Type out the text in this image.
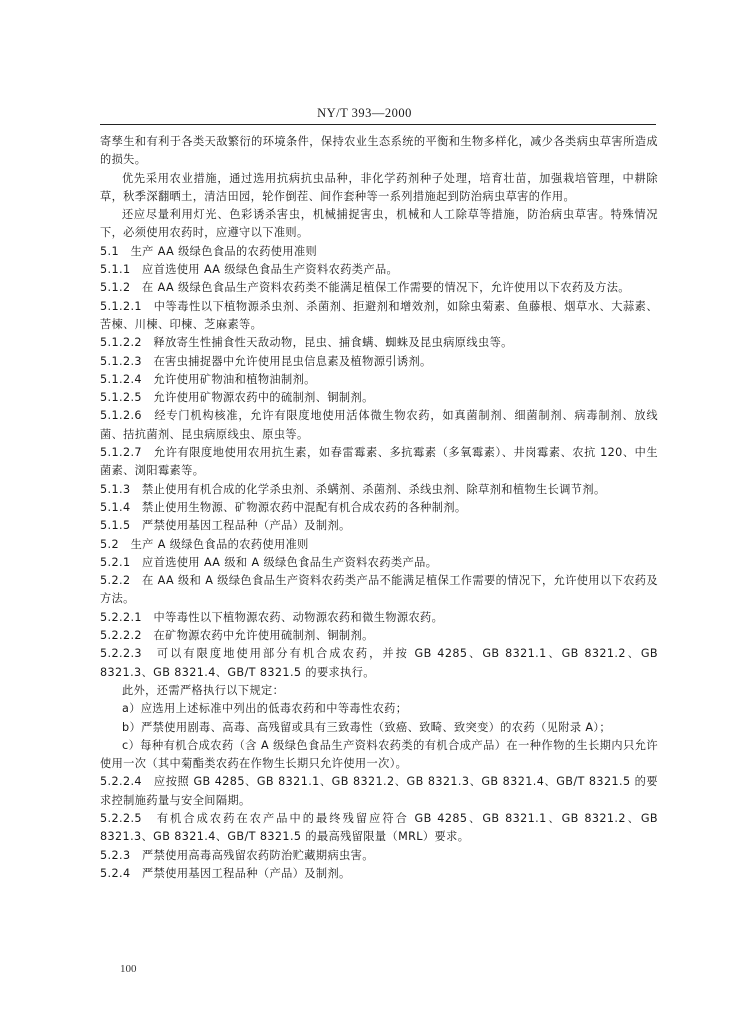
NY/T 393—2000

寄孳生和有利于各类天敌繁衍的环境条件，保持农业生态系统的平衡和生物多样化，减少各类病虫草害所造成的损失。

优先采用农业措施，通过选用抗病抗虫品种，非化学药剂种子处理，培育壮苗，加强栽培管理，中耕除草，秋季深翻晒土，清洁田园，轮作倒茬、间作套种等一系列措施起到防治病虫草害的作用。

还应尽量利用灯光、色彩诱杀害虫，机械捕捉害虫，机械和人工除草等措施，防治病虫草害。特殊情况下，必须使用农药时，应遵守以下准则。

5.1　生产 AA 级绿色食品的农药使用准则

5.1.1　应首选使用 AA 级绿色食品生产资料农药类产品。

5.1.2　在 AA 级绿色食品生产资料农药类不能满足植保工作需要的情况下，允许使用以下农药及方法。

5.1.2.1　中等毒性以下植物源杀虫剂、杀菌剂、拒避剂和增效剂，如除虫菊素、鱼藤根、烟草水、大蒜素、苦楝、川楝、印楝、芝麻素等。

5.1.2.2　释放寄生性捕食性天敌动物，昆虫、捕食螨、蜘蛛及昆虫病原线虫等。

5.1.2.3　在害虫捕捉器中允许使用昆虫信息素及植物源引诱剂。

5.1.2.4　允许使用矿物油和植物油制剂。

5.1.2.5　允许使用矿物源农药中的硫制剂、铜制剂。

5.1.2.6　经专门机构核准，允许有限度地使用活体微生物农药，如真菌制剂、细菌制剂、病毒制剂、放线菌、拮抗菌剂、昆虫病原线虫、原虫等。

5.1.2.7　允许有限度地使用农用抗生素，如春雷霉素、多抗霉素（多氧霉素）、井岗霉素、农抗 120、中生菌素、浏阳霉素等。

5.1.3　禁止使用有机合成的化学杀虫剂、杀螨剂、杀菌剂、杀线虫剂、除草剂和植物生长调节剂。

5.1.4　禁止使用生物源、矿物源农药中混配有机合成农药的各种制剂。

5.1.5　严禁使用基因工程品种（产品）及制剂。

5.2　生产 A 级绿色食品的农药使用准则

5.2.1　应首选使用 AA 级和 A 级绿色食品生产资料农药类产品。

5.2.2　在 AA 级和 A 级绿色食品生产资料农药类产品不能满足植保工作需要的情况下，允许使用以下农药及方法。

5.2.2.1　中等毒性以下植物源农药、动物源农药和微生物源农药。

5.2.2.2　在矿物源农药中允许使用硫制剂、铜制剂。

5.2.2.3　可以有限度地使用部分有机合成农药，并按 GB 4285、GB 8321.1、GB 8321.2、GB 8321.3、GB 8321.4、GB/T 8321.5 的要求执行。

此外，还需严格执行以下规定：

a）应选用上述标准中列出的低毒农药和中等毒性农药；

b）严禁使用剧毒、高毒、高残留或具有三致毒性（致癌、致畸、致突变）的农药（见附录 A）；

c）每种有机合成农药（含 A 级绿色食品生产资料农药类的有机合成产品）在一种作物的生长期内只允许使用一次（其中菊酯类农药在作物生长期只允许使用一次）。

5.2.2.4　应按照 GB 4285、GB 8321.1、GB 8321.2、GB 8321.3、GB 8321.4、GB/T 8321.5 的要求控制施药量与安全间隔期。

5.2.2.5　有机合成农药在农产品中的最终残留应符合 GB 4285、GB 8321.1、GB 8321.2、GB 8321.3、GB 8321.4、GB/T 8321.5 的最高残留限量（MRL）要求。

5.2.3　严禁使用高毒高残留农药防治贮藏期病虫害。

5.2.4　严禁使用基因工程品种（产品）及制剂。

100
